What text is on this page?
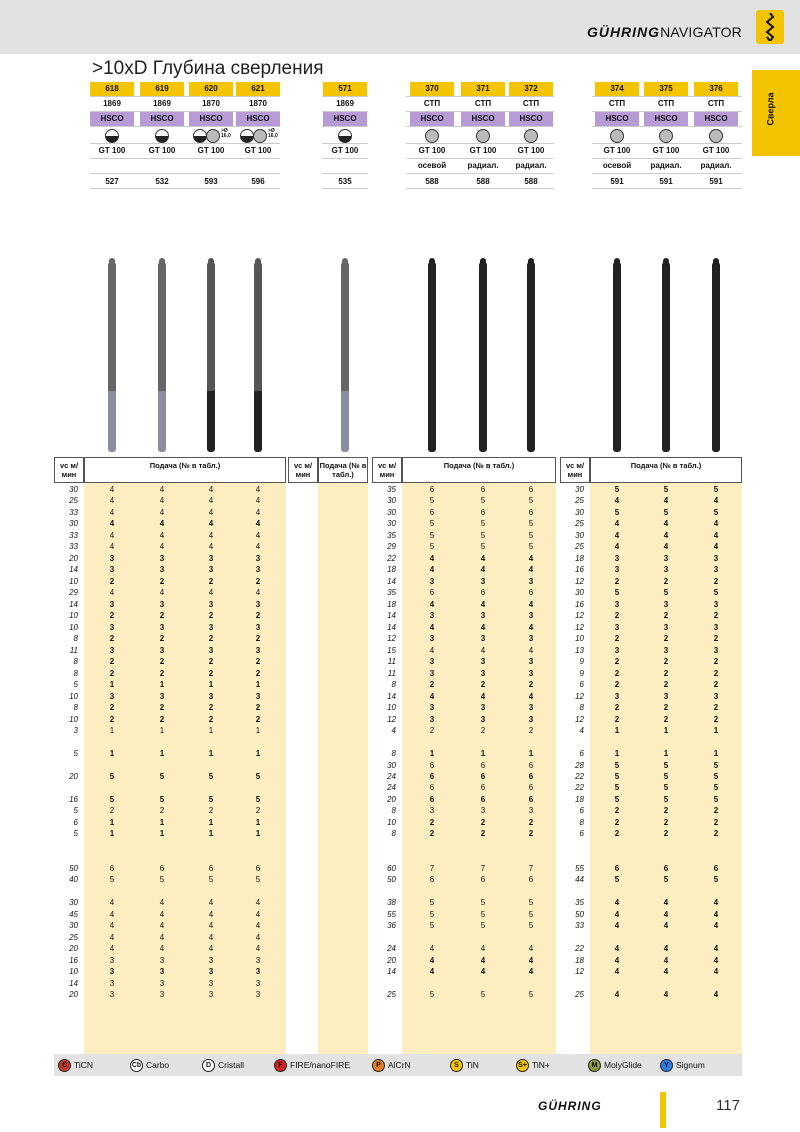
GÜHRINGNAVIGATOR
Сверла
>10xD Глубина сверления
618
1869
HSCO
GT 100
527
619
1869
HSCO
GT 100
532
620
1870
HSCO
>Ø 16,0
GT 100
593
621
1870
HSCO
>Ø 16,0
GT 100
596
571
1869
HSCO
GT 100
535
370
СТП
HSCO
GT 100
осевой
588
371
СТП
HSCO
GT 100
радиал.
588
372
СТП
HSCO
GT 100
радиал.
588
374
СТП
HSCO
GT 100
осевой
591
375
СТП
HSCO
GT 100
радиал.
591
376
СТП
HSCO
GT 100
радиал.
591
vc м/мин
Подача (№ в табл.)
30	4	4	4	4
25	4	4	4	4
33	4	4	4	4
30	4	4	4	4
33	4	4	4	4
33	4	4	4	4
20	3	3	3	3
14	3	3	3	3
10	2	2	2	2
29	4	4	4	4
14	3	3	3	3
10	2	2	2	2
10	3	3	3	3
8	2	2	2	2
11	3	3	3	3
8	2	2	2	2
8	2	2	2	2
5	1	1	1	1
10	3	3	3	3
8	2	2	2	2
10	2	2	2	2
3	1	1	1	1
5	1	1	1	1
20	5	5	5	5
16	5	5	5	5
5	2	2	2	2
6	1	1	1	1
5	1	1	1	1
50	6	6	6	6
40	5	5	5	5
30	4	4	4	4
45	4	4	4	4
30	4	4	4	4
25	4	4	4	4
20	4	4	4	4
16	3	3	3	3
10	3	3	3	3
14	3	3	3	3
20	3	3	3	3
vc м/мин
Подача (№ в табл.)
vc м/мин
Подача (№ в табл.)
35	6	6	6
30	5	5	5
30	6	6	6
30	5	5	5
35	5	5	5
29	5	5	5
22	4	4	4
18	4	4	4
14	3	3	3
35	6	6	6
18	4	4	4
14	3	3	3
14	4	4	4
12	3	3	3
15	4	4	4
11	3	3	3
11	3	3	3
8	2	2	2
14	4	4	4
10	3	3	3
12	3	3	3
4	2	2	2
8	1	1	1
30	6	6	6
24	6	6	6
24	6	6	6
20	6	6	6
8	3	3	3
10	2	2	2
8	2	2	2
60	7	7	7
50	6	6	6
38	5	5	5
55	5	5	5
36	5	5	5
24	4	4	4
20	4	4	4
14	4	4	4
25	5	5	5
vc м/мин
Подача (№ в табл.)
30	5	5	5
25	4	4	4
30	5	5	5
25	4	4	4
30	4	4	4
25	4	4	4
18	3	3	3
16	3	3	3
12	2	2	2
30	5	5	5
16	3	3	3
12	2	2	2
12	3	3	3
10	2	2	2
13	3	3	3
9	2	2	2
9	2	2	2
6	2	2	2
12	3	3	3
8	2	2	2
12	2	2	2
4	1	1	1
6	1	1	1
28	5	5	5
22	5	5	5
22	5	5	5
18	5	5	5
6	2	2	2
8	2	2	2
6	2	2	2
55	6	6	6
44	5	5	5
35	4	4	4
50	4	4	4
33	4	4	4
22	4	4	4
18	4	4	4
12	4	4	4
25	4	4	4
C TiCN	Cb Carbo	D Cristall	F FIRE/nanoFIRE	P AlCrN	S TiN	S+ TiN+	M MolyGlide	Y Signum
GÜHRING	117
